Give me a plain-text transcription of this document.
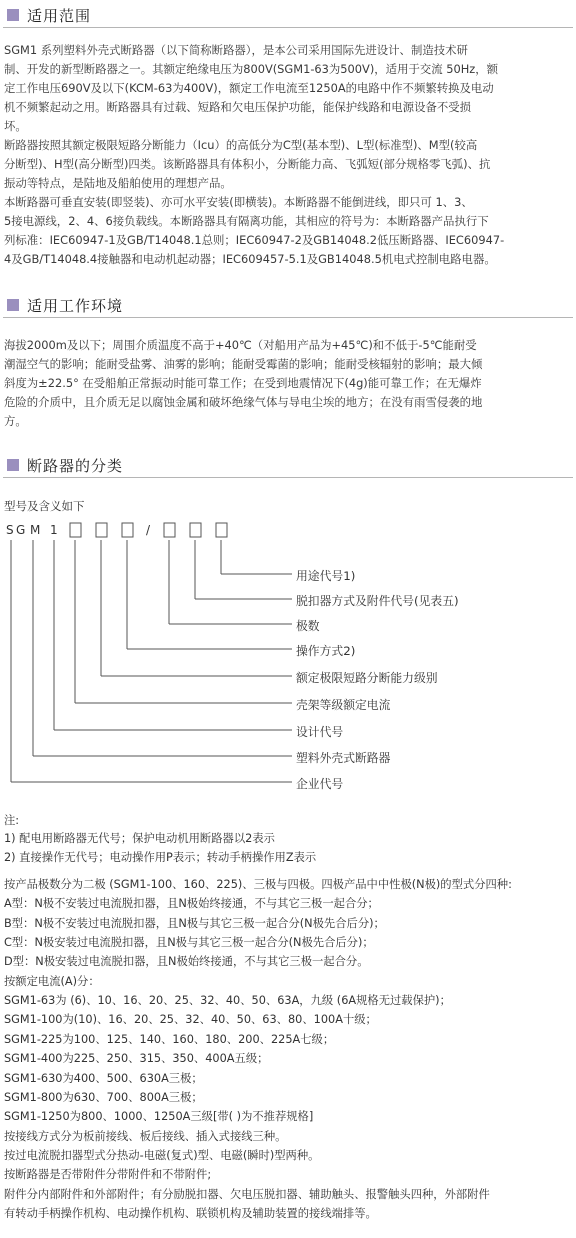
适用范围
SGM1 系列塑料外壳式断路器（以下简称断路器），是本公司采用国际先进设计、制造技术研
制、开发的新型断路器之一。其额定绝缘电压为800V(SGM1-63为500V)，适用于交流 50Hz，额
定工作电压690V及以下(KCM-63为400V)，额定工作电流至1250A的电路中作不频繁转换及电动
机不频繁起动之用。断路器具有过载、短路和欠电压保护功能，能保护线路和电源设备不受损
坏。
断路器按照其额定极限短路分断能力（Icu）的高低分为C型(基本型)、L型(标准型)、M型(较高
分断型)、H型(高分断型)四类。该断路器具有体积小，分断能力高、飞弧短(部分规格零飞弧)、抗
振动等特点，是陆地及船舶使用的理想产品。
本断路器可垂直安装(即竖装)、亦可水平安装(即横装)。本断路器不能倒进线，即只可 1、3、
5接电源线，2、4、6接负载线。本断路器具有隔离功能，其相应的符号为：本断路器产品执行下
列标准：IEC60947-1及GB/T14048.1总则；IEC60947-2及GB14048.2低压断路器、IEC60947-
4及GB/T14048.4接触器和电动机起动器；IEC609457-5.1及GB14048.5机电式控制电路电器。
适用工作环境
海拔2000m及以下；周围介质温度不高于+40℃（对船用产品为+45℃)和不低于-5℃能耐受
潮湿空气的影响；能耐受盐雾、油雾的影响；能耐受霉菌的影响；能耐受核辐射的影响；最大倾
斜度为±22.5° 在受船舶正常振动时能可靠工作；在受到地震情况下(4g)能可靠工作；在无爆炸
危险的介质中，且介质无足以腐蚀金属和破坏绝缘气体与导电尘埃的地方；在没有雨雪侵袭的地
方。
断路器的分类
型号及含义如下
S G M 1	/
用途代号1)
脱扣器方式及附件代号(见表五)
极数
操作方式2)
额定极限短路分断能力级别
壳架等级额定电流
设计代号
塑料外壳式断路器
企业代号
注:
1) 配电用断路器无代号；保护电动机用断路器以2表示
2) 直接操作无代号；电动操作用P表示；转动手柄操作用Z表示
按产品极数分为二极 (SGM1-100、160、225)、三极与四极。四极产品中中性极(N极)的型式分四种:
A型：N极不安装过电流脱扣器，且N极始终接通，不与其它三极一起合分；
B型：N极不安装过电流脱扣器，且N极与其它三极一起合分(N极先合后分)；
C型：N极安装过电流脱扣器，且N极与其它三极一起合分(N极先合后分)；
D型：N极安装过电流脱扣器，且N极始终接通，不与其它三极一起合分。
按额定电流(A)分：
SGM1-63为 (6)、10、16、20、25、32、40、50、63A，九级 (6A规格无过载保护)；
SGM1-100为(10)、16、20、25、32、40、50、63、80、100A十级；
SGM1-225为100、125、140、160、180、200、225A七级；
SGM1-400为225、250、315、350、400A五级；
SGM1-630为400、500、630A三极；
SGM1-800为630、700、800A三极；
SGM1-1250为800、1000、1250A三级[带( )为不推荐规格]
按接线方式分为板前接线、板后接线、插入式接线三种。
按过电流脱扣器型式分热动-电磁(复式)型、电磁(瞬时)型两种。
按断路器是否带附件分带附件和不带附件;
附件分内部附件和外部附件；有分励脱扣器、欠电压脱扣器、辅助触头、报警触头四种，外部附件
有转动手柄操作机构、电动操作机构、联锁机构及辅助装置的接线端排等。
